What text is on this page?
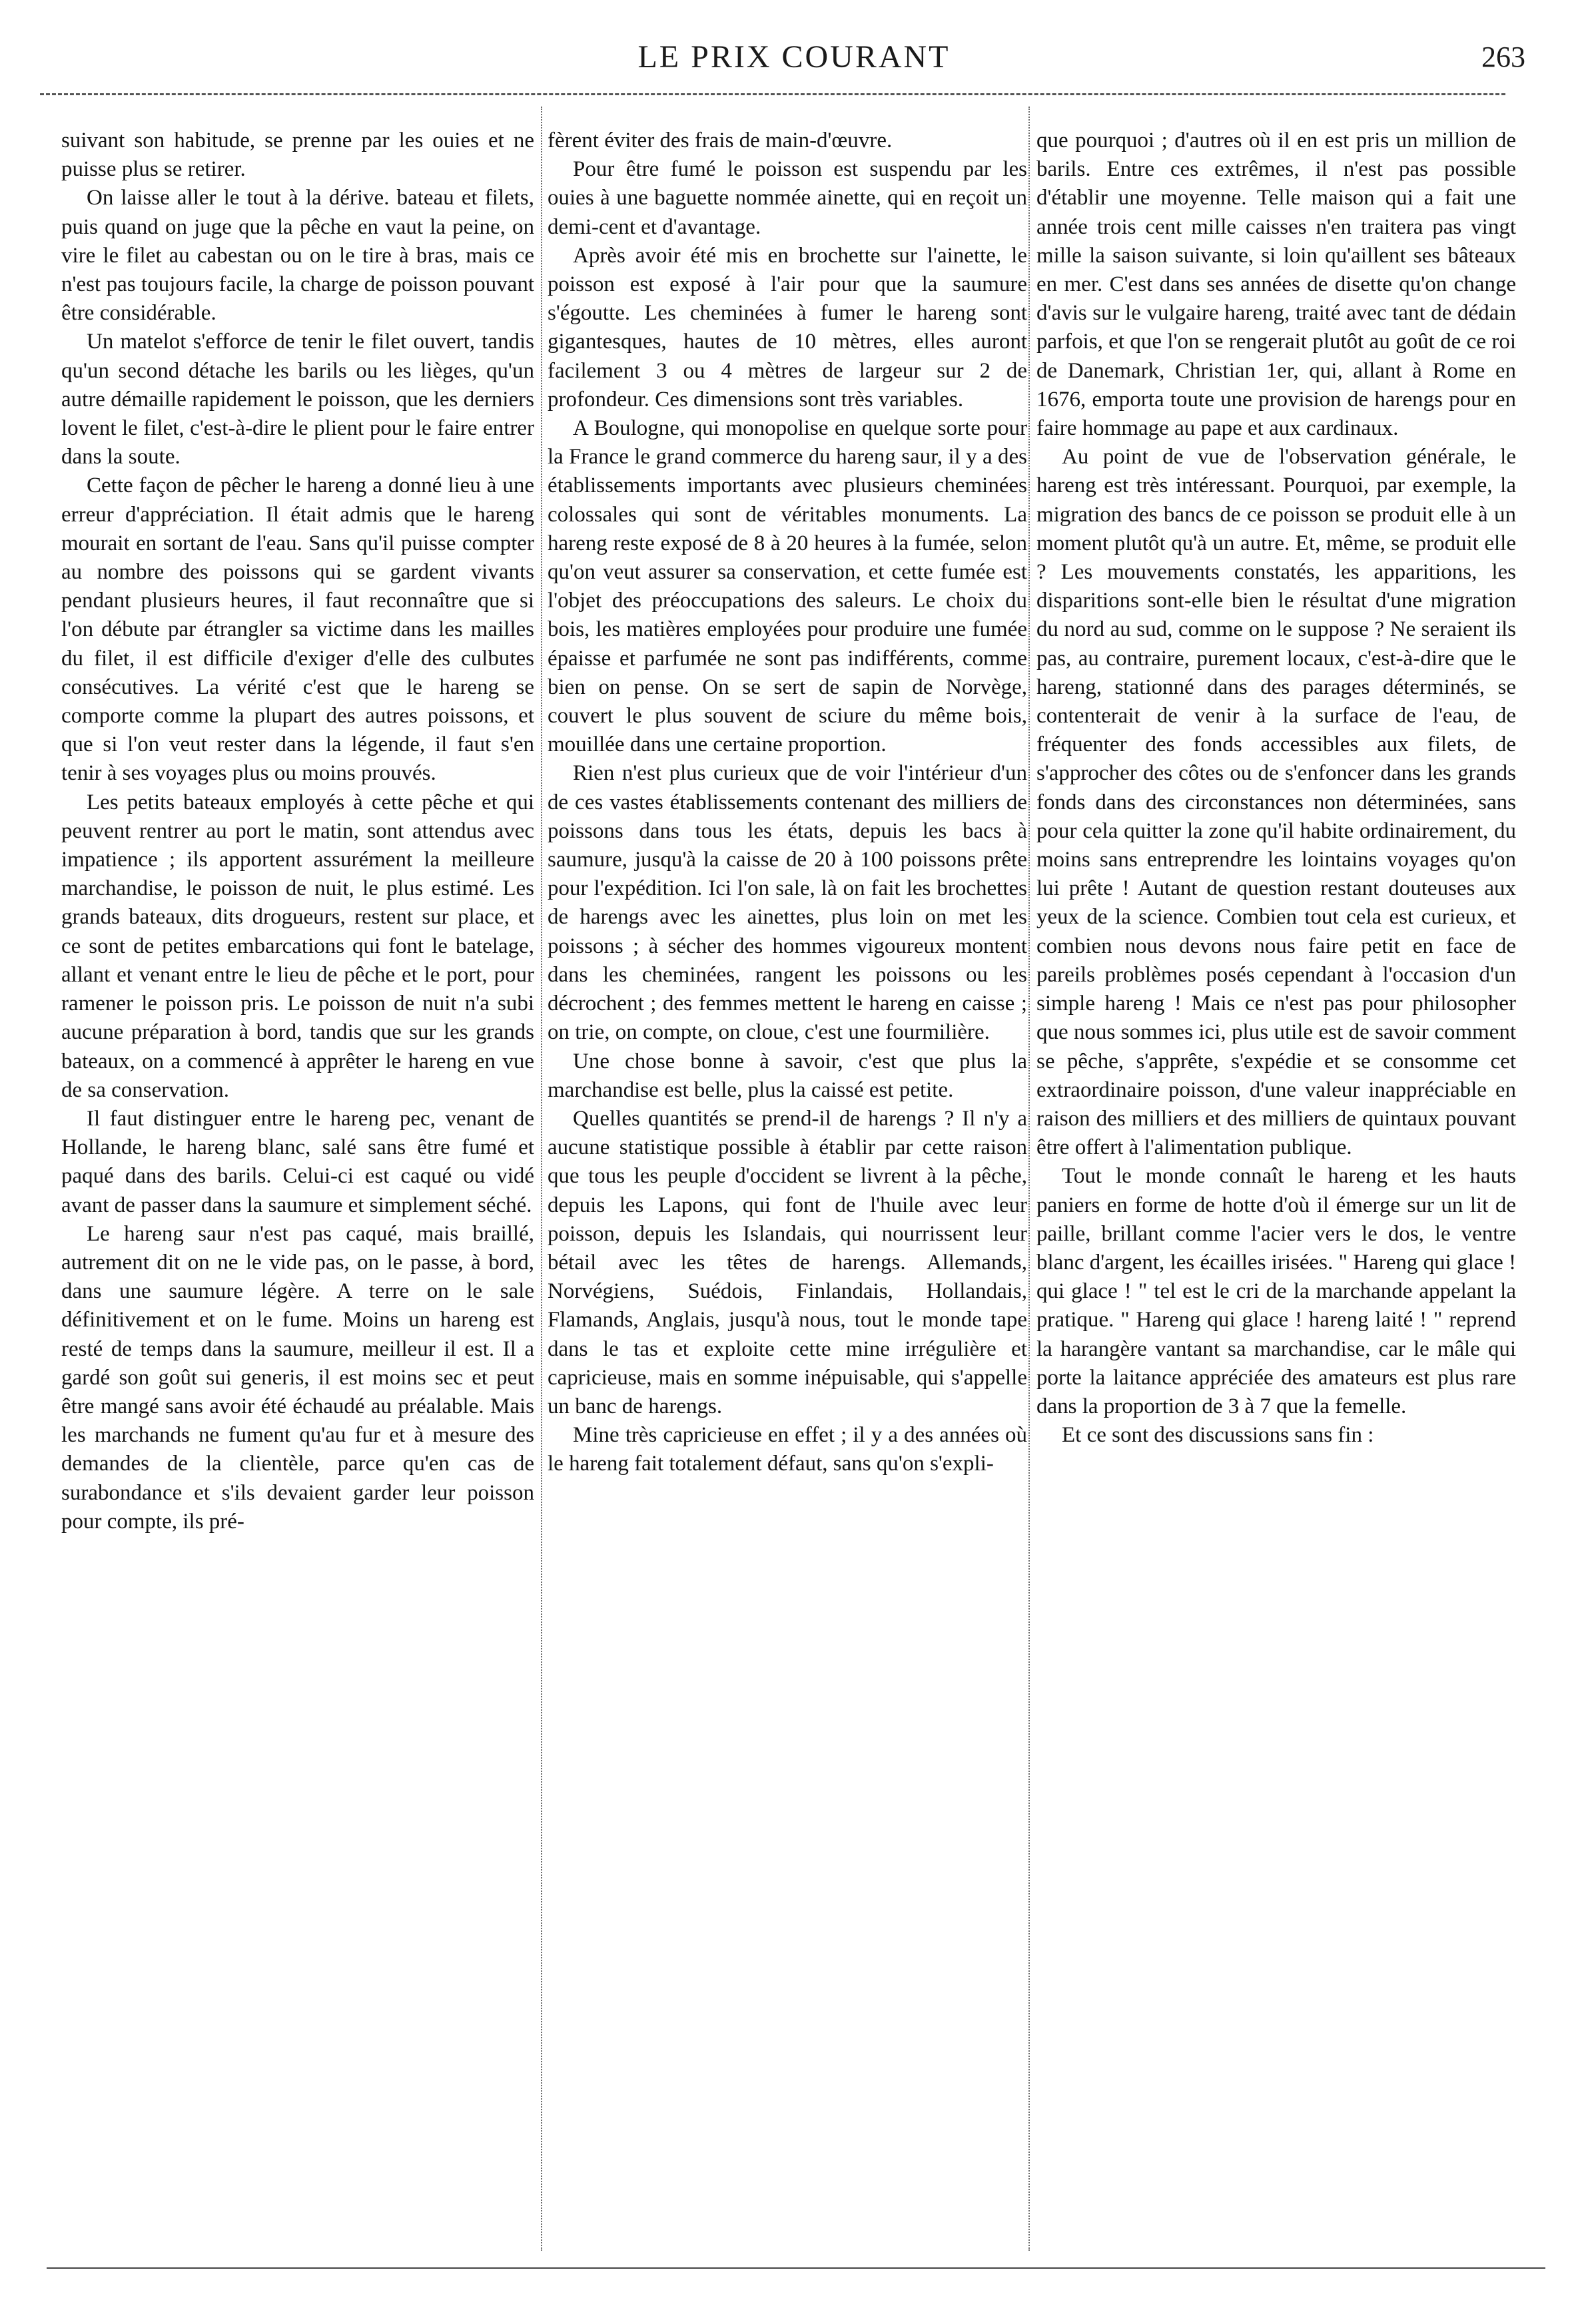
LE PRIX COURANT	263

suivant son habitude, se prenne par les ouies et ne puisse plus se retirer.

On laisse aller le tout à la dérive. bateau et filets, puis quand on juge que la pêche en vaut la peine, on vire le filet au cabestan ou on le tire à bras, mais ce n'est pas toujours facile, la charge de poisson pouvant être considérable.

Un matelot s'efforce de tenir le filet ouvert, tandis qu'un second détache les barils ou les lièges, qu'un autre démaille rapidement le poisson, que les derniers lovent le filet, c'est-à-dire le plient pour le faire entrer dans la soute.

Cette façon de pêcher le hareng a donné lieu à une erreur d'appréciation. Il était admis que le hareng mourait en sortant de l'eau. Sans qu'il puisse compter au nombre des poissons qui se gardent vivants pendant plusieurs heures, il faut reconnaître que si l'on débute par étrangler sa victime dans les mailles du filet, il est difficile d'exiger d'elle des culbutes consécutives. La vérité c'est que le hareng se comporte comme la plupart des autres poissons, et que si l'on veut rester dans la légende, il faut s'en tenir à ses voyages plus ou moins prouvés.

Les petits bateaux employés à cette pêche et qui peuvent rentrer au port le matin, sont attendus avec impatience ; ils apportent assurément la meilleure marchandise, le poisson de nuit, le plus estimé. Les grands bateaux, dits drogueurs, restent sur place, et ce sont de petites embarcations qui font le batelage, allant et venant entre le lieu de pêche et le port, pour ramener le poisson pris. Le poisson de nuit n'a subi aucune préparation à bord, tandis que sur les grands bateaux, on a commencé à apprêter le hareng en vue de sa conservation.

Il faut distinguer entre le hareng pec, venant de Hollande, le hareng blanc, salé sans être fumé et paqué dans des barils. Celui-ci est caqué ou vidé avant de passer dans la saumure et simplement séché.

Le hareng saur n'est pas caqué, mais braillé, autrement dit on ne le vide pas, on le passe, à bord, dans une saumure légère. A terre on le sale définitivement et on le fume. Moins un hareng est resté de temps dans la saumure, meilleur il est. Il a gardé son goût sui generis, il est moins sec et peut être mangé sans avoir été échaudé au préalable. Mais les marchands ne fument qu'au fur et à mesure des demandes de la clientèle, parce qu'en cas de surabondance et s'ils devaient garder leur poisson pour compte, ils pré-

fèrent éviter des frais de main-d'œuvre.

Pour être fumé le poisson est suspendu par les ouies à une baguette nommée ainette, qui en reçoit un demi-cent et d'avantage.

Après avoir été mis en brochette sur l'ainette, le poisson est exposé à l'air pour que la saumure s'égoutte. Les cheminées à fumer le hareng sont gigantesques, hautes de 10 mètres, elles auront facilement 3 ou 4 mètres de largeur sur 2 de profondeur. Ces dimensions sont très variables.

A Boulogne, qui monopolise en quelque sorte pour la France le grand commerce du hareng saur, il y a des établissements importants avec plusieurs cheminées colossales qui sont de véritables monuments. La hareng reste exposé de 8 à 20 heures à la fumée, selon qu'on veut assurer sa conservation, et cette fumée est l'objet des préoccupations des saleurs. Le choix du bois, les matières employées pour produire une fumée épaisse et parfumée ne sont pas indifférents, comme bien on pense. On se sert de sapin de Norvège, couvert le plus souvent de sciure du même bois, mouillée dans une certaine proportion.

Rien n'est plus curieux que de voir l'intérieur d'un de ces vastes établissements contenant des milliers de poissons dans tous les états, depuis les bacs à saumure, jusqu'à la caisse de 20 à 100 poissons prête pour l'expédition. Ici l'on sale, là on fait les brochettes de harengs avec les ainettes, plus loin on met les poissons ; à sécher des hommes vigoureux montent dans les cheminées, rangent les poissons ou les décrochent ; des femmes mettent le hareng en caisse ; on trie, on compte, on cloue, c'est une fourmilière.

Une chose bonne à savoir, c'est que plus la marchandise est belle, plus la caissé est petite.

Quelles quantités se prend-il de harengs ? Il n'y a aucune statistique possible à établir par cette raison que tous les peuple d'occident se livrent à la pêche, depuis les Lapons, qui font de l'huile avec leur poisson, depuis les Islandais, qui nourrissent leur bétail avec les têtes de harengs. Allemands, Norvégiens, Suédois, Finlandais, Hollandais, Flamands, Anglais, jusqu'à nous, tout le monde tape dans le tas et exploite cette mine irrégulière et capricieuse, mais en somme inépuisable, qui s'appelle un banc de harengs.

Mine très capricieuse en effet ; il y a des années où le hareng fait totalement défaut, sans qu'on s'expli-

que pourquoi ; d'autres où il en est pris un million de barils. Entre ces extrêmes, il n'est pas possible d'établir une moyenne. Telle maison qui a fait une année trois cent mille caisses n'en traitera pas vingt mille la saison suivante, si loin qu'aillent ses bâteaux en mer. C'est dans ses années de disette qu'on change d'avis sur le vulgaire hareng, traité avec tant de dédain parfois, et que l'on se rengerait plutôt au goût de ce roi de Danemark, Christian 1er, qui, allant à Rome en 1676, emporta toute une provision de harengs pour en faire hommage au pape et aux cardinaux.

Au point de vue de l'observation générale, le hareng est très intéressant. Pourquoi, par exemple, la migration des bancs de ce poisson se produit elle à un moment plutôt qu'à un autre. Et, même, se produit elle ? Les mouvements constatés, les apparitions, les disparitions sont-elle bien le résultat d'une migration du nord au sud, comme on le suppose ? Ne seraient ils pas, au contraire, purement locaux, c'est-à-dire que le hareng, stationné dans des parages déterminés, se contenterait de venir à la surface de l'eau, de fréquenter des fonds accessibles aux filets, de s'approcher des côtes ou de s'enfoncer dans les grands fonds dans des circonstances non déterminées, sans pour cela quitter la zone qu'il habite ordinairement, du moins sans entreprendre les lointains voyages qu'on lui prête ! Autant de question restant douteuses aux yeux de la science. Combien tout cela est curieux, et combien nous devons nous faire petit en face de pareils problèmes posés cependant à l'occasion d'un simple hareng ! Mais ce n'est pas pour philosopher que nous sommes ici, plus utile est de savoir comment se pêche, s'apprête, s'expédie et se consomme cet extraordinaire poisson, d'une valeur inappréciable en raison des milliers et des milliers de quintaux pouvant être offert à l'alimentation publique.

Tout le monde connaît le hareng et les hauts paniers en forme de hotte d'où il émerge sur un lit de paille, brillant comme l'acier vers le dos, le ventre blanc d'argent, les écailles irisées. " Hareng qui glace ! qui glace ! " tel est le cri de la marchande appelant la pratique. " Hareng qui glace ! hareng laité ! " reprend la harangère vantant sa marchandise, car le mâle qui porte la laitance appréciée des amateurs est plus rare dans la proportion de 3 à 7 que la femelle.

Et ce sont des discussions sans fin :
